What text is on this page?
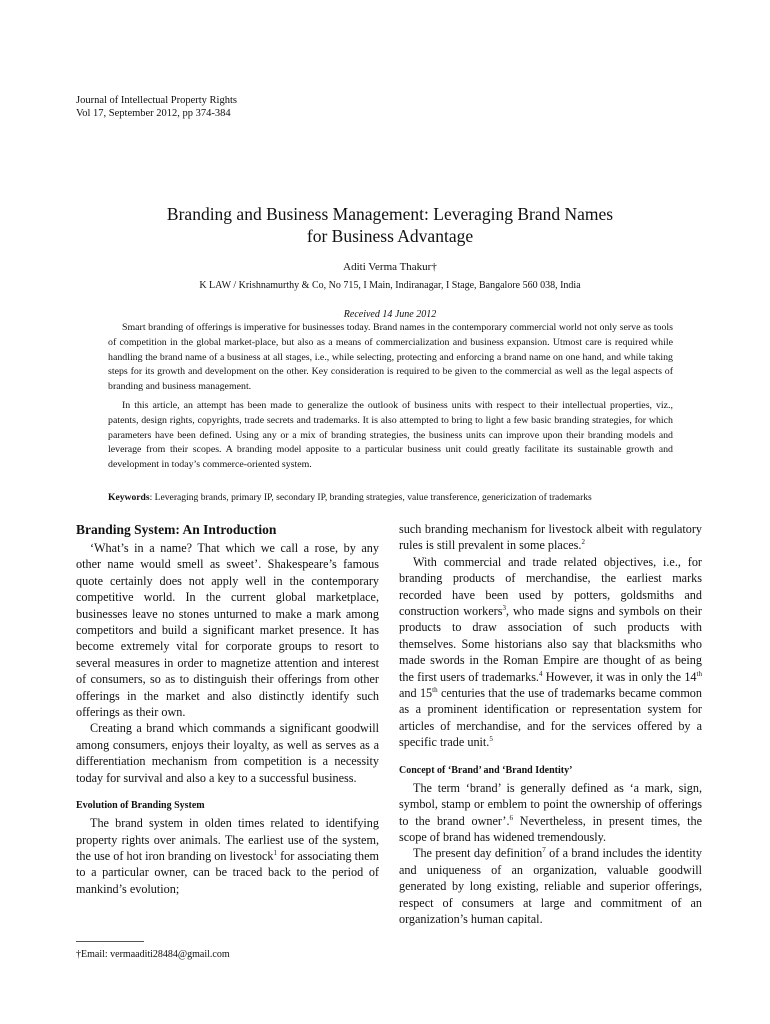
Journal of Intellectual Property Rights
Vol 17, September 2012, pp 374-384
Branding and Business Management: Leveraging Brand Names
for Business Advantage
Aditi Verma Thakur†
K LAW / Krishnamurthy & Co, No 715, I Main, Indiranagar, I Stage, Bangalore 560 038, India
Received 14 June 2012

Smart branding of offerings is imperative for businesses today. Brand names in the contemporary commercial world not only serve as tools of competition in the global market-place, but also as a means of commercialization and business expansion. Utmost care is required while handling the brand name of a business at all stages, i.e., while selecting, protecting and enforcing a brand name on one hand, and while taking steps for its growth and development on the other. Key consideration is required to be given to the commercial as well as the legal aspects of branding and business management.

In this article, an attempt has been made to generalize the outlook of business units with respect to their intellectual properties, viz., patents, design rights, copyrights, trade secrets and trademarks. It is also attempted to bring to light a few basic branding strategies, for which parameters have been defined. Using any or a mix of branding strategies, the business units can improve upon their branding models and leverage from their scopes. A branding model apposite to a particular business unit could greatly facilitate its sustainable growth and development in today’s commerce-oriented system.

Keywords: Leveraging brands, primary IP, secondary IP, branding strategies, value transference, genericization of trademarks
Branding System: An Introduction

‘What’s in a name? That which we call a rose, by any other name would smell as sweet’. Shakespeare’s famous quote certainly does not apply well in the contemporary competitive world. In the current global marketplace, businesses leave no stones unturned to make a mark among competitors and build a significant market presence. It has become extremely vital for corporate groups to resort to several measures in order to magnetize attention and interest of consumers, so as to distinguish their offerings from other offerings in the market and also distinctly identify such offerings as their own.

Creating a brand which commands a significant goodwill among consumers, enjoys their loyalty, as well as serves as a differentiation mechanism from competition is a necessity today for survival and also a key to a successful business.

Evolution of Branding System

The brand system in olden times related to identifying property rights over animals. The earliest use of the system, the use of hot iron branding on livestock$^1$ for associating them to a particular owner, can be traced back to the period of mankind’s evolution;

such branding mechanism for livestock albeit with regulatory rules is still prevalent in some places.$^2$

With commercial and trade related objectives, i.e., for branding products of merchandise, the earliest marks recorded have been used by potters, goldsmiths and construction workers$^3$, who made signs and symbols on their products to draw association of such products with themselves. Some historians also say that blacksmiths who made swords in the Roman Empire are thought of as being the first users of trademarks.$^4$ However, it was in only the 14th and 15th centuries that the use of trademarks became common as a prominent identification or representation system for articles of merchandise, and for the services offered by a specific trade unit.$^5$

Concept of ‘Brand’ and ‘Brand Identity’

The term ‘brand’ is generally defined as ‘a mark, sign, symbol, stamp or emblem to point the ownership of offerings to the brand owner’.$^6$ Nevertheless, in present times, the scope of brand has widened tremendously.

The present day definition$^7$ of a brand includes the identity and uniqueness of an organization, valuable goodwill generated by long existing, reliable and superior offerings, respect of consumers at large and commitment of an organization’s human capital.

†Email: vermaaditi28484@gmail.com
